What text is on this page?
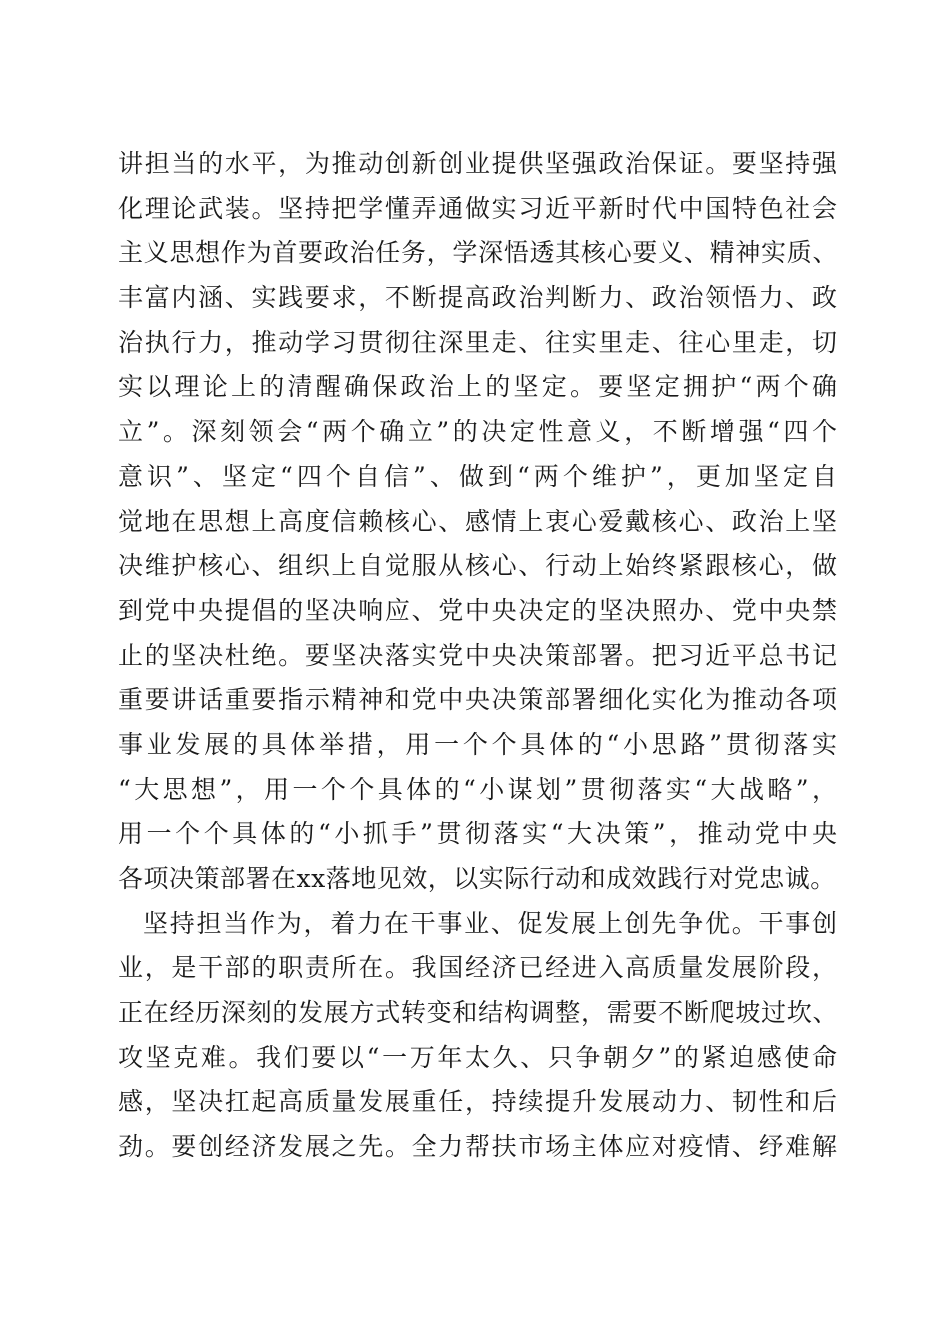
讲担当的水平，为推动创新创业提供坚强政治保证。要坚持强
化理论武装。坚持把学懂弄通做实习近平新时代中国特色社会
主义思想作为首要政治任务，学深悟透其核心要义、精神实质、
丰富内涵、实践要求，不断提高政治判断力、政治领悟力、政
治执行力，推动学习贯彻往深里走、往实里走、往心里走，切
实以理论上的清醒确保政治上的坚定。要坚定拥护“两个确
立”。深刻领会“两个确立”的决定性意义，不断增强“四个
意识”、坚定“四个自信”、做到“两个维护”，更加坚定自
觉地在思想上高度信赖核心、感情上衷心爱戴核心、政治上坚
决维护核心、组织上自觉服从核心、行动上始终紧跟核心，做
到党中央提倡的坚决响应、党中央决定的坚决照办、党中央禁
止的坚决杜绝。要坚决落实党中央决策部署。把习近平总书记
重要讲话重要指示精神和党中央决策部署细化实化为推动各项
事业发展的具体举措，用一个个具体的“小思路”贯彻落实
“大思想”，用一个个具体的“小谋划”贯彻落实“大战略”，
用一个个具体的“小抓手”贯彻落实“大决策”，推动党中央
各项决策部署在xx落地见效，以实际行动和成效践行对党忠诚。
坚持担当作为，着力在干事业、促发展上创先争优。干事创
业，是干部的职责所在。我国经济已经进入高质量发展阶段，
正在经历深刻的发展方式转变和结构调整，需要不断爬坡过坎、
攻坚克难。我们要以“一万年太久、只争朝夕”的紧迫感使命
感，坚决扛起高质量发展重任，持续提升发展动力、韧性和后
劲。要创经济发展之先。全力帮扶市场主体应对疫情、纾难解
